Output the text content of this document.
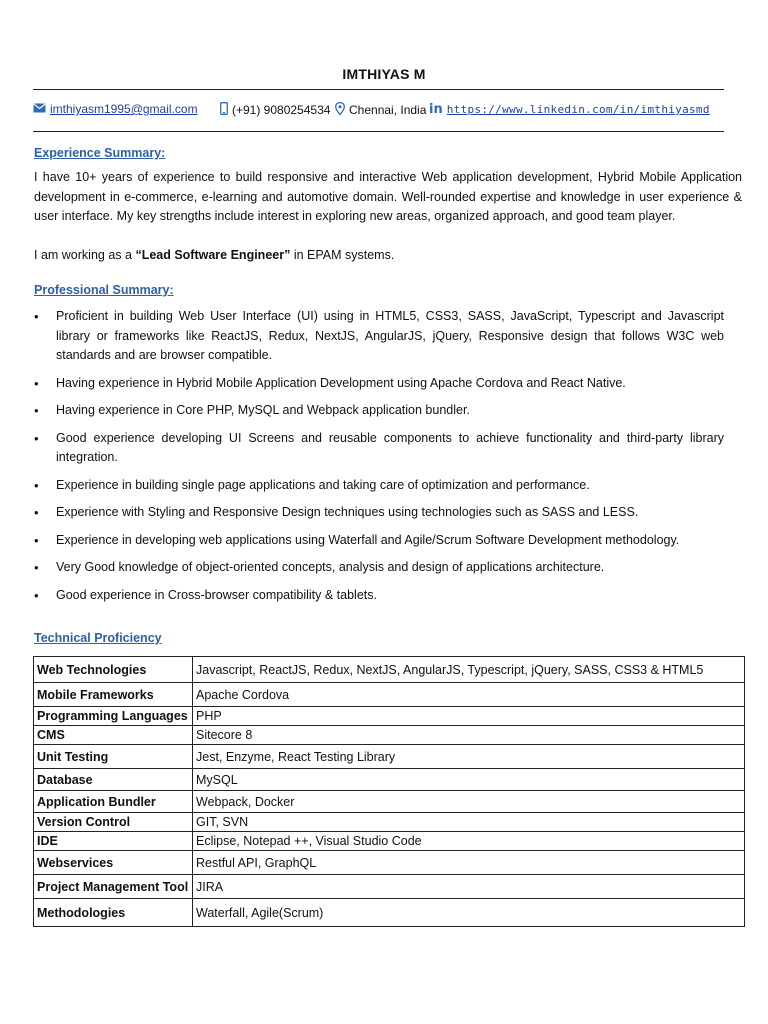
IMTHIYAS M
imthiyasm1995@gmail.com	(+91) 9080254534 Chennai, India in https://www.linkedin.com/in/imthiyasmd
Experience Summary:
I have 10+ years of experience to build responsive and interactive Web application development, Hybrid Mobile Application development in e-commerce, e-learning and automotive domain. Well-rounded expertise and knowledge in user experience & user interface. My key strengths include interest in exploring new areas, organized approach, and good team player.
I am working as a “Lead Software Engineer” in EPAM systems.
Professional Summary:
• Proficient in building Web User Interface (UI) using in HTML5, CSS3, SASS, JavaScript, Typescript and Javascript library or frameworks like ReactJS, Redux, NextJS, AngularJS, jQuery, Responsive design that follows W3C web standards and are browser compatible.
• Having experience in Hybrid Mobile Application Development using Apache Cordova and React Native.
• Having experience in Core PHP, MySQL and Webpack application bundler.
• Good experience developing UI Screens and reusable components to achieve functionality and third-party library integration.
• Experience in building single page applications and taking care of optimization and performance.
• Experience with Styling and Responsive Design techniques using technologies such as SASS and LESS.
• Experience in developing web applications using Waterfall and Agile/Scrum Software Development methodology.
• Very Good knowledge of object-oriented concepts, analysis and design of applications architecture.
• Good experience in Cross-browser compatibility & tablets.
Technical Proficiency
Web Technologies	Javascript, ReactJS, Redux, NextJS, AngularJS, Typescript, jQuery, SASS, CSS3 & HTML5
Mobile Frameworks	Apache Cordova
Programming Languages	PHP
CMS	Sitecore 8
Unit Testing	Jest, Enzyme, React Testing Library
Database	MySQL
Application Bundler	Webpack, Docker
Version Control	GIT, SVN
IDE	Eclipse, Notepad ++, Visual Studio Code
Webservices	Restful API, GraphQL
Project Management Tool	JIRA
Methodologies	Waterfall, Agile(Scrum)
